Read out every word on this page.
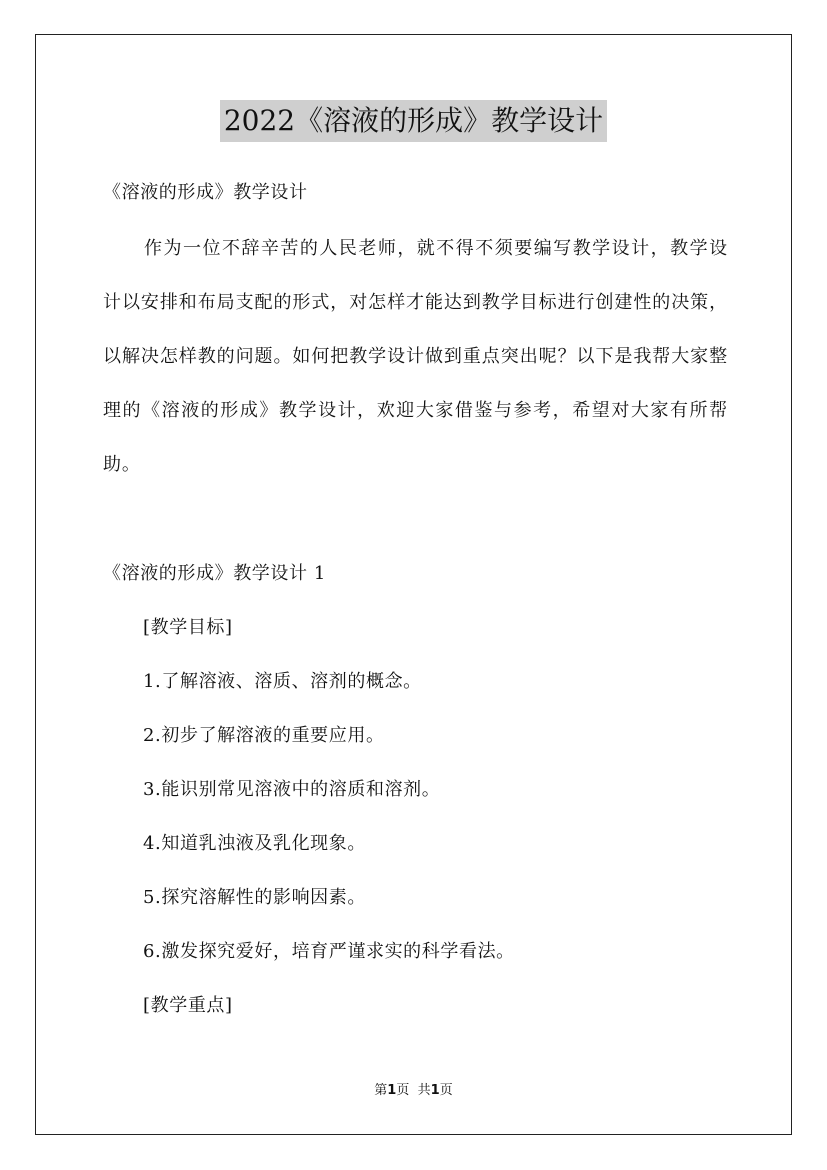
2022《溶液的形成》教学设计
《溶液的形成》教学设计
作为一位不辞辛苦的人民老师，就不得不须要编写教学设计，教学设计以安排和布局支配的形式，对怎样才能达到教学目标进行创建性的决策，以解决怎样教的问题。如何把教学设计做到重点突出呢？以下是我帮大家整理的《溶液的形成》教学设计，欢迎大家借鉴与参考，希望对大家有所帮助。
《溶液的形成》教学设计 1
[教学目标]
1.了解溶液、溶质、溶剂的概念。
2.初步了解溶液的重要应用。
3.能识别常见溶液中的溶质和溶剂。
4.知道乳浊液及乳化现象。
5.探究溶解性的影响因素。
6.激发探究爱好，培育严谨求实的科学看法。
[教学重点]
第1页 共1页
